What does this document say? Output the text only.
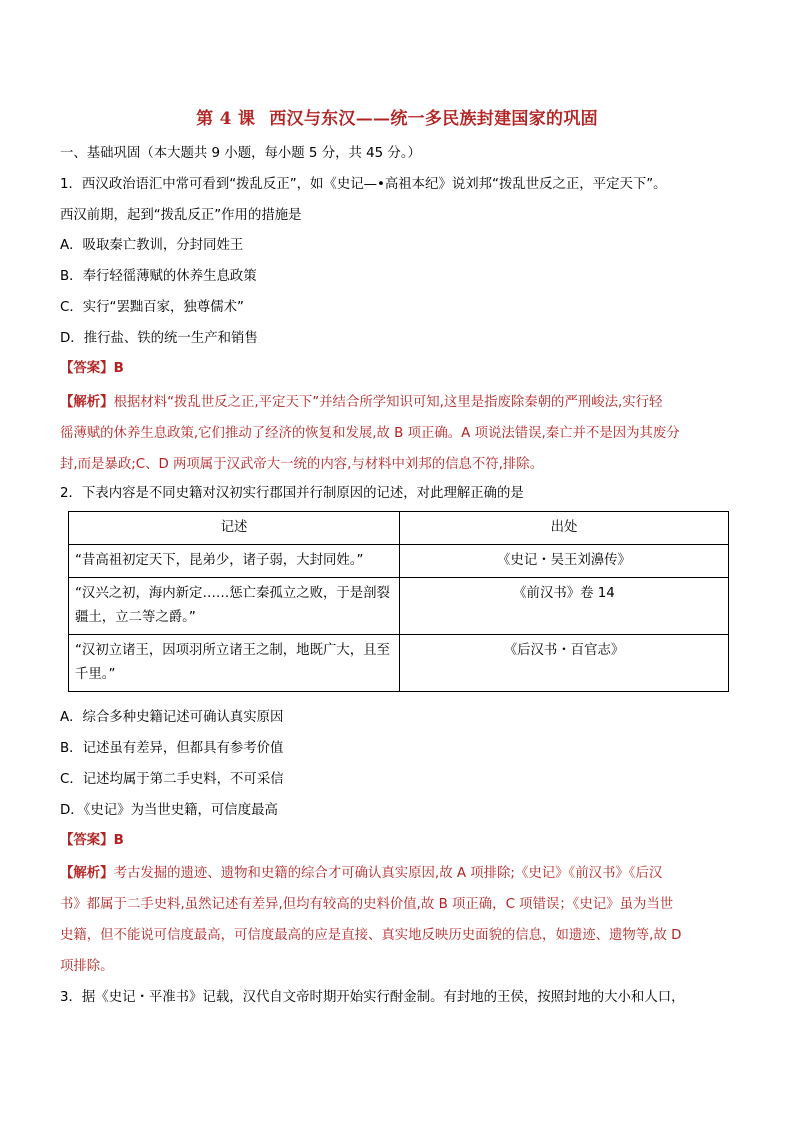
第 4 课 西汉与东汉——统一多民族封建国家的巩固
一、基础巩固（本大题共 9 小题，每小题 5 分，共 45 分。）
1．西汉政治语汇中常可看到“拨乱反正”，如《史记—•高祖本纪》说刘邦“拨乱世反之正，平定天下”。
西汉前期，起到“拨乱反正”作用的措施是
A．吸取秦亡教训，分封同姓王
B．奉行轻徭薄赋的休养生息政策
C．实行“罢黜百家，独尊儒术”
D．推行盐、铁的统一生产和销售
【答案】B
【解析】根据材料“拨乱世反之正,平定天下”并结合所学知识可知,这里是指废除秦朝的严刑峻法,实行轻
徭薄赋的休养生息政策,它们推动了经济的恢复和发展,故 B 项正确。A 项说法错误,秦亡并不是因为其废分
封,而是暴政;C、D 两项属于汉武帝大一统的内容,与材料中刘邦的信息不符,排除。
2．下表内容是不同史籍对汉初实行郡国并行制原因的记述，对此理解正确的是
记述	出处
“昔高祖初定天下，昆弟少，诸子弱，大封同姓。”	《史记・吴王刘濞传》
“汉兴之初，海内新定……惩亡秦孤立之败，于是剖裂疆土，立二等之爵。”	《前汉书》卷 14
“汉初立诸王，因项羽所立诸王之制，地既广大，且至千里。”	《后汉书・百官志》
A．综合多种史籍记述可确认真实原因
B．记述虽有差异，但都具有参考价值
C．记述均属于第二手史料，不可采信
D．《史记》为当世史籍，可信度最高
【答案】B
【解析】考古发掘的遗迹、遗物和史籍的综合才可确认真实原因,故 A 项排除;《史记》《前汉书》《后汉
书》都属于二手史料,虽然记述有差异,但均有较高的史料价值,故 B 项正确，C 项错误；《史记》虽为当世
史籍，但不能说可信度最高，可信度最高的应是直接、真实地反映历史面貌的信息，如遗迹、遗物等,故 D
项排除。
3．据《史记・平准书》记载，汉代自文帝时期开始实行酎金制。有封地的王侯，按照封地的大小和人口，
